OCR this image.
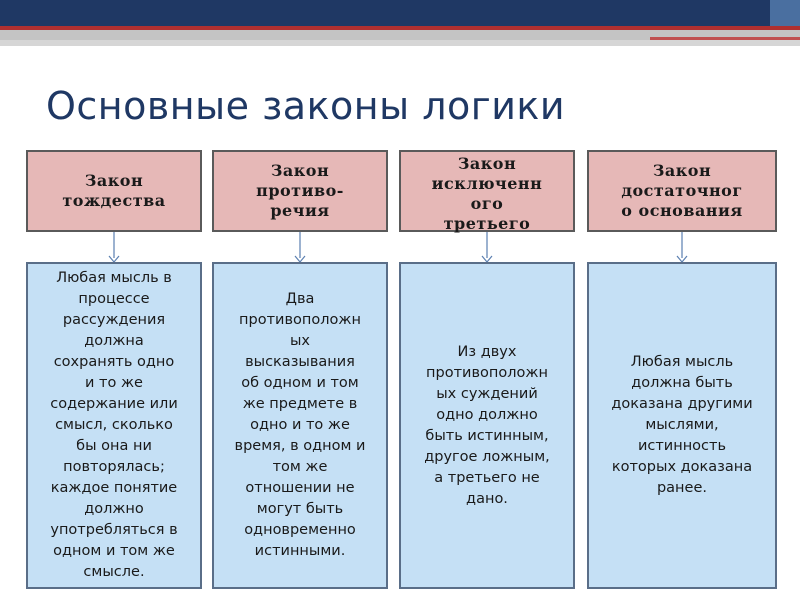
Основные законы логики
Закон
тождества
Любая мысль в
процессе
рассуждения
должна
сохранять одно
и то же
содержание или
смысл, сколько
бы она ни
повторялась;
каждое понятие
должно
употребляться в
одном и том же
смысле.
Закон
противо-
речия
Два
противоположн
ых
высказывания
об одном и том
же предмете в
одно и то же
время, в одном и
том же
отношении не
могут быть
одновременно
истинными.
Закон
исключенн
ого
третьего
Из двух
противоположн
ых суждений
одно должно
быть истинным,
другое ложным,
а третьего не
дано.
Закон
достаточног
о основания
Любая мысль
должна быть
доказана другими
мыслями,
истинность
которых доказана
ранее.
